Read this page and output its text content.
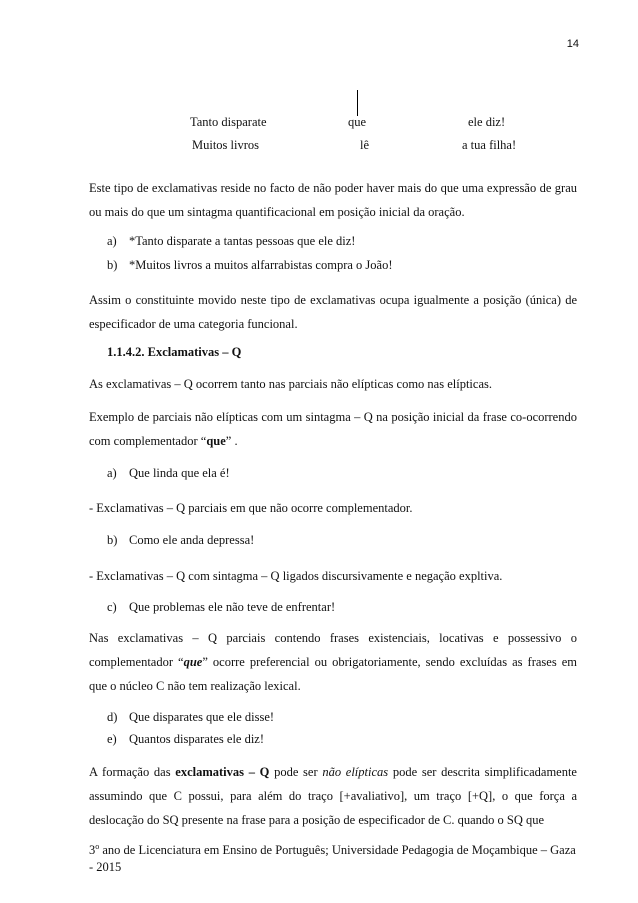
14
Tanto disparate	que	ele diz!
Muitos livros	lê	a tua filha!
Este tipo de exclamativas reside no facto de não poder haver mais do que uma expressão de grau ou mais do que um sintagma quantificacional em posição inicial da oração.
a) *Tanto disparate a tantas pessoas que ele diz!
b) *Muitos livros a muitos alfarrabistas compra o João!
Assim o constituinte movido neste tipo de exclamativas ocupa igualmente a posição (única) de especificador de uma categoria funcional.
1.1.4.2. Exclamativas – Q
As exclamativas – Q ocorrem tanto nas parciais não elípticas como nas elípticas.
Exemplo de parciais não elípticas com um sintagma – Q na posição inicial da frase co-ocorrendo com complementador “que” .
a) Que linda que ela é!
- Exclamativas – Q parciais em que não ocorre complementador.
b) Como ele anda depressa!
- Exclamativas – Q com sintagma – Q ligados discursivamente e negação expltiva.
c) Que problemas ele não teve de enfrentar!
Nas exclamativas – Q parciais contendo frases existenciais, locativas e possessivo o complementador “que” ocorre preferencial ou obrigatoriamente, sendo excluídas as frases em que o núcleo C não tem realização lexical.
d) Que disparates que ele disse!
e) Quantos disparates ele diz!
A formação das exclamativas – Q pode ser não elípticas pode ser descrita simplificadamente assumindo que C possui, para além do traço [+avaliativo], um traço [+Q], o que força a deslocação do SQ presente na frase para a posição de especificador de C. quando o SQ que
3$^o$ ano de Licenciatura em Ensino de Português; Universidade Pedagogia de Moçambique – Gaza - 2015
